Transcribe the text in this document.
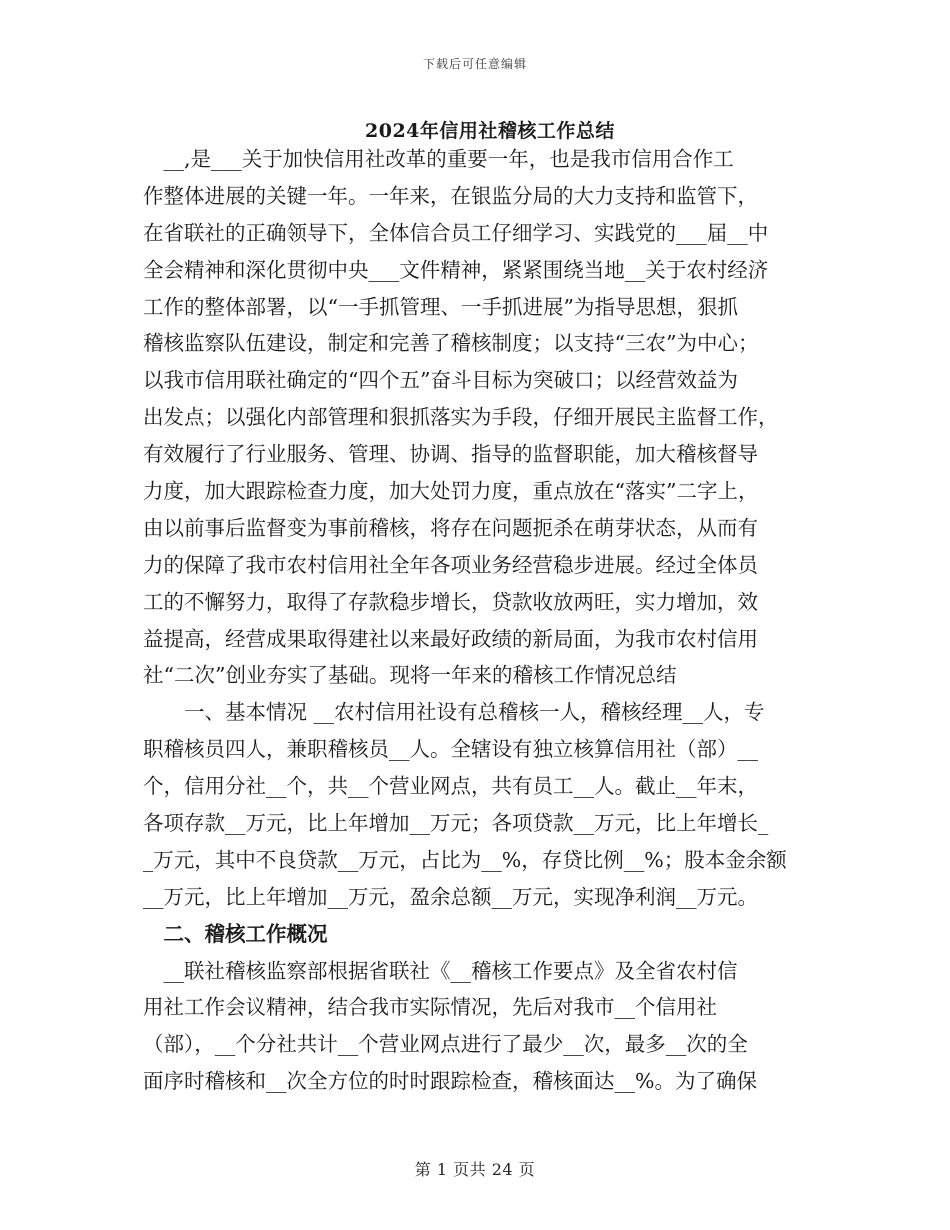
下载后可任意编辑
2024年信用社稽核工作总结
　__,是___关于加快信用社改革的重要一年，也是我市信用合作工
作整体进展的关键一年。一年来，在银监分局的大力支持和监管下，
在省联社的正确领导下，全体信合员工仔细学习、实践党的___届__中
全会精神和深化贯彻中央___文件精神，紧紧围绕当地__关于农村经济
工作的整体部署，以“一手抓管理、一手抓进展”为指导思想，狠抓
稽核监察队伍建设，制定和完善了稽核制度；以支持“三农”为中心；
以我市信用联社确定的“四个五”奋斗目标为突破口；以经营效益为
出发点；以强化内部管理和狠抓落实为手段，仔细开展民主监督工作，
有效履行了行业服务、管理、协调、指导的监督职能，加大稽核督导
力度，加大跟踪检查力度，加大处罚力度，重点放在“落实”二字上，
由以前事后监督变为事前稽核，将存在问题扼杀在萌芽状态，从而有
力的保障了我市农村信用社全年各项业务经营稳步进展。经过全体员
工的不懈努力，取得了存款稳步增长，贷款收放两旺，实力增加，效
益提高，经营成果取得建社以来最好政绩的新局面，为我市农村信用
社“二次”创业夯实了基础。现将一年来的稽核工作情况总结
　　一、基本情况 __农村信用社设有总稽核一人，稽核经理__人，专
职稽核员四人，兼职稽核员__人。全辖设有独立核算信用社（部）__
个，信用分社__个，共__个营业网点，共有员工__人。截止__年末，
各项存款__万元，比上年增加__万元；各项贷款__万元，比上年增长_
_万元，其中不良贷款__万元，占比为__%，存贷比例__%；股本金余额
__万元，比上年增加__万元，盈余总额__万元，实现净利润__万元。
　二、稽核工作概况
　__联社稽核监察部根据省联社《__稽核工作要点》及全省农村信
用社工作会议精神，结合我市实际情况，先后对我市__个信用社
（部），__个分社共计__个营业网点进行了最少__次，最多__次的全
面序时稽核和__次全方位的时时跟踪检查，稽核面达__%。为了确保
第 1 页共 24 页
